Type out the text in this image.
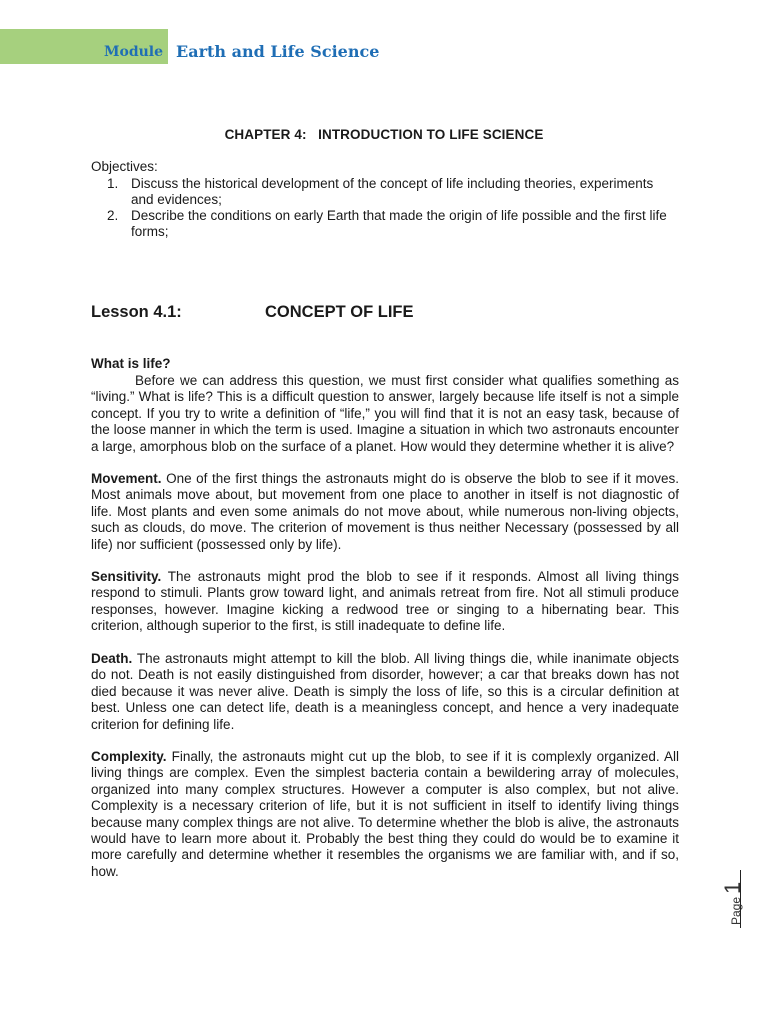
Module Earth and Life Science
CHAPTER 4:   INTRODUCTION TO LIFE SCIENCE
Objectives:
1. Discuss the historical development of the concept of life including theories, experiments and evidences;
2. Describe the conditions on early Earth that made the origin of life possible and the first life forms;
Lesson 4.1:	CONCEPT OF LIFE
What is life?

Before we can address this question, we must first consider what qualifies something as “living.” What is life? This is a difficult question to answer, largely because life itself is not a simple concept. If you try to write a definition of “life,” you will find that it is not an easy task, because of the loose manner in which the term is used. Imagine a situation in which two astronauts encounter a large, amorphous blob on the surface of a planet. How would they determine whether it is alive?

Movement. One of the first things the astronauts might do is observe the blob to see if it moves. Most animals move about, but movement from one place to another in itself is not diagnostic of life. Most plants and even some animals do not move about, while numerous non-living objects, such as clouds, do move. The criterion of movement is thus neither Necessary (possessed by all life) nor sufficient (possessed only by life).

Sensitivity. The astronauts might prod the blob to see if it responds. Almost all living things respond to stimuli. Plants grow toward light, and animals retreat from fire. Not all stimuli produce responses, however. Imagine kicking a redwood tree or singing to a hibernating bear. This criterion, although superior to the first, is still inadequate to define life.

Death. The astronauts might attempt to kill the blob. All living things die, while inanimate objects do not. Death is not easily distinguished from disorder, however; a car that breaks down has not died because it was never alive. Death is simply the loss of life, so this is a circular definition at best. Unless one can detect life, death is a meaningless concept, and hence a very inadequate criterion for defining life.

Complexity. Finally, the astronauts might cut up the blob, to see if it is complexly organized. All living things are complex. Even the simplest bacteria contain a bewildering array of molecules, organized into many complex structures. However a computer is also complex, but not alive. Complexity is a necessary criterion of life, but it is not sufficient in itself to identify living things because many complex things are not alive. To determine whether the blob is alive, the astronauts would have to learn more about it. Probably the best thing they could do would be to examine it more carefully and determine whether it resembles the organisms we are familiar with, and if so, how.

Page1
